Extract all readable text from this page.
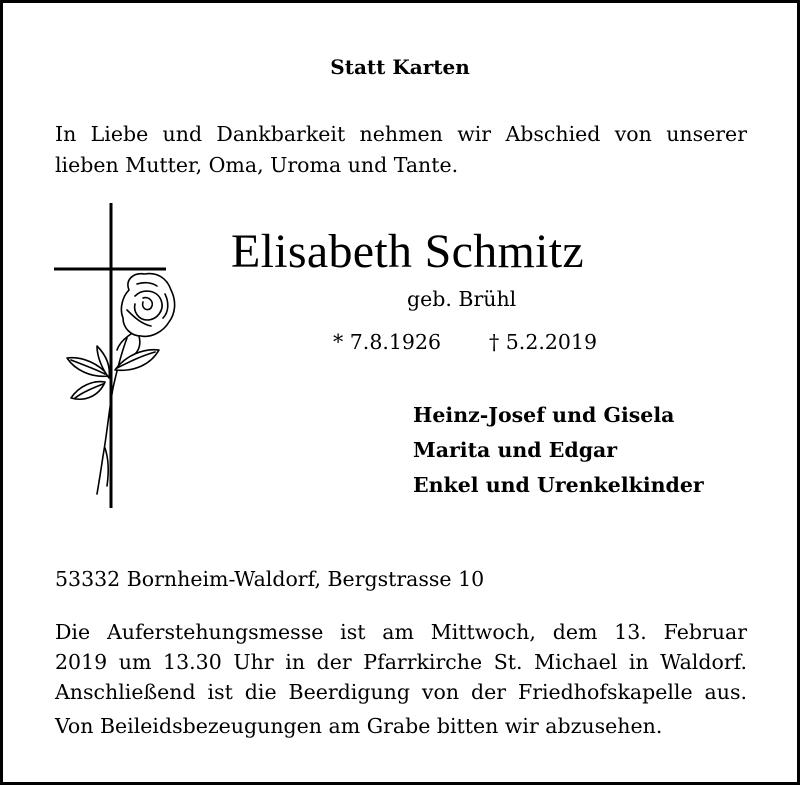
Statt Karten
In Liebe und Dankbarkeit nehmen wir Abschied von unserer
lieben Mutter, Oma, Uroma und Tante.
Elisabeth Schmitz
geb. Brühl
* 7.8.1926 † 5.2.2019
Heinz-Josef und Gisela
Marita und Edgar
Enkel und Urenkelkinder
53332 Bornheim-Waldorf, Bergstrasse 10
Die Auferstehungsmesse ist am Mittwoch, dem 13. Februar
2019 um 13.30 Uhr in der Pfarrkirche St. Michael in Waldorf.
Anschließend ist die Beerdigung von der Friedhofskapelle aus.
Von Beileidsbezeugungen am Grabe bitten wir abzusehen.
